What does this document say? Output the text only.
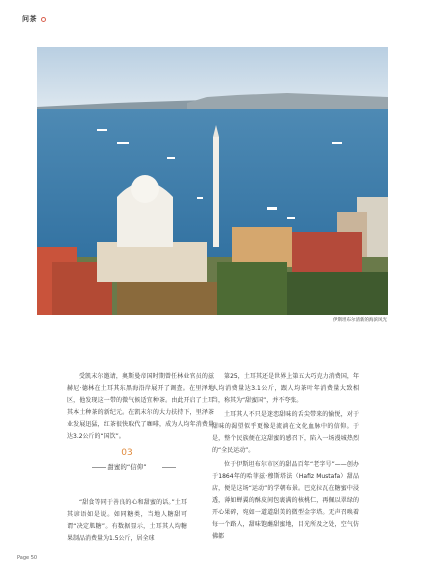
问茶
伊斯坦布尔清新的海滨风光

受凯末尔邀请，奥斯曼帝国时期曾任林业官员的兹赫尼·德林在土耳其东黑海沿岸展开了调查。在里泽地区，他发现这一带的微气候适宜种茶。由此开启了土耳其本土种茶的新纪元。在凯末尔的大力扶持下，里泽茶业发展迅猛，红茶很快取代了咖啡，成为人均年消费量达3.2公斤的“国饮”。

03
甜蜜的“信仰”

“甜食等同于善良的心和甜蜜的话。”土耳其谚语如是说。如同糖类，当地人糖甜可谓“决定肌糖”。有数据显示，土耳其人均糖果制品消费量为1.5公斤，居全球

第25，土耳其还是世界上第五大巧克力消费国，年人均消费量达3.1公斤，跟人均茶叶年消费量大致相当，称其为“甜蜜国”，并不夸张。

土耳其人不只是迷恋甜味的舌尖带来的愉悦，对于甜味的渴望似乎更像是流淌在文化血脉中的信仰。于是，整个民族便在这甜蜜的感召下，陷入一场漫城热烈的“全民运动”。

位于伊斯坦布尔市区的甜品百年“老字号”——创办于1864年的哈菲兹·穆斯塔法（Hafiz Mustafa）甜品店，便是这场“运动”的学朝布景。巴克拉瓦在糖蜜中浸透，薄如蝉翼的酥皮间包裹满的核桃仁，再佩以翠绿的开心果碎，宛如一道道甜美的微型金字塔。无声召唤着每一个路人，甜味饱蘸甜蜜地，目光所及之处，空气仿佛都

Page 50
